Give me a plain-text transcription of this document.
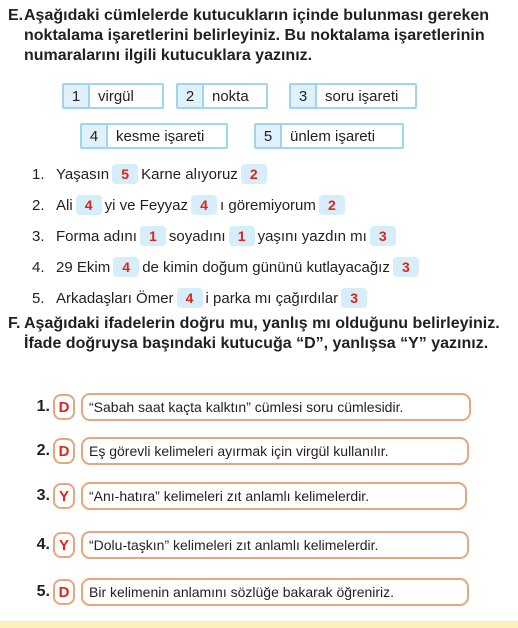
E. Aşağıdaki cümlelerde kutucukların içinde bulunması gereken noktalama işaretlerini belirleyiniz. Bu noktalama işaretlerinin numaralarını ilgili kutucuklara yazınız.
1	virgül	2	nokta	3	soru işareti
4	kesme işareti	5	ünlem işareti
1. Yaşasın 5 Karne alıyoruz 2
2. Ali 4 yi ve Feyyaz 4 ı göremiyorum 2
3. Forma adını 1 soyadını 1 yaşını yazdın mı 3
4. 29 Ekim 4 de kimin doğum gününü kutlayacağız 3
5. Arkadaşları Ömer 4 i parka mı çağırdılar 3
F. Aşağıdaki ifadelerin doğru mu, yanlış mı olduğunu belirleyiniz. İfade doğruysa başındaki kutucuğa “D”, yanlışsa “Y” yazınız.
1. D	“Sabah saat kaçta kalktın” cümlesi soru cümlesidir.
2. D	Eş görevli kelimeleri ayırmak için virgül kullanılır.
3. Y	“Anı-hatıra” kelimeleri zıt anlamlı kelimelerdir.
4. Y	“Dolu-taşkın” kelimeleri zıt anlamlı kelimelerdir.
5. D	Bir kelimenin anlamını sözlüğe bakarak öğreniriz.
